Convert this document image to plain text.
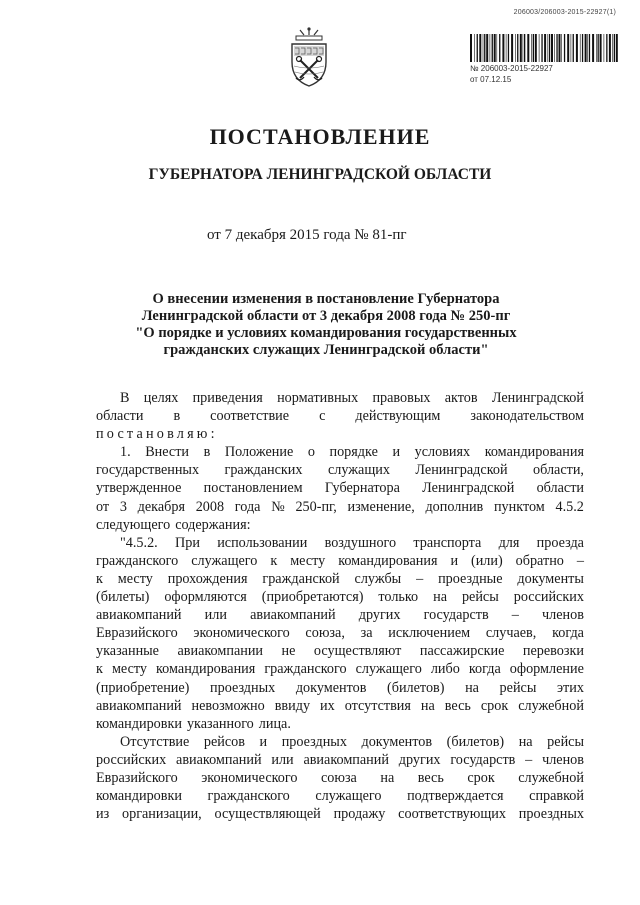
206003/206003-2015-22927(1)
№ 206003-2015-22927
от 07.12.15
ПОСТАНОВЛЕНИЕ
ГУБЕРНАТОРА ЛЕНИНГРАДСКОЙ ОБЛАСТИ
от 7 декабря 2015 года № 81-пг
О внесении изменения в постановление Губернатора
Ленинградской области от 3 декабря 2008 года № 250-пг
"О порядке и условиях командирования государственных
гражданских служащих Ленинградской области"
В целях приведения нормативных правовых актов Ленинградской
области в соответствие с действующим законодательством
постановляю:
1. Внести в Положение о порядке и условиях командирования
государственных гражданских служащих Ленинградской области,
утвержденное постановлением Губернатора Ленинградской области
от 3 декабря 2008 года № 250-пг, изменение, дополнив пунктом 4.5.2
следующего содержания:
"4.5.2. При использовании воздушного транспорта для проезда
гражданского служащего к месту командирования и (или) обратно –
к месту прохождения гражданской службы – проездные документы
(билеты) оформляются (приобретаются) только на рейсы российских
авиакомпаний или авиакомпаний других государств – членов
Евразийского экономического союза, за исключением случаев, когда
указанные авиакомпании не осуществляют пассажирские перевозки
к месту командирования гражданского служащего либо когда оформление
(приобретение) проездных документов (билетов) на рейсы этих
авиакомпаний невозможно ввиду их отсутствия на весь срок служебной
командировки указанного лица.
Отсутствие рейсов и проездных документов (билетов) на рейсы
российских авиакомпаний или авиакомпаний других государств – членов
Евразийского экономического союза на весь срок служебной
командировки гражданского служащего подтверждается справкой
из организации, осуществляющей продажу соответствующих проездных
